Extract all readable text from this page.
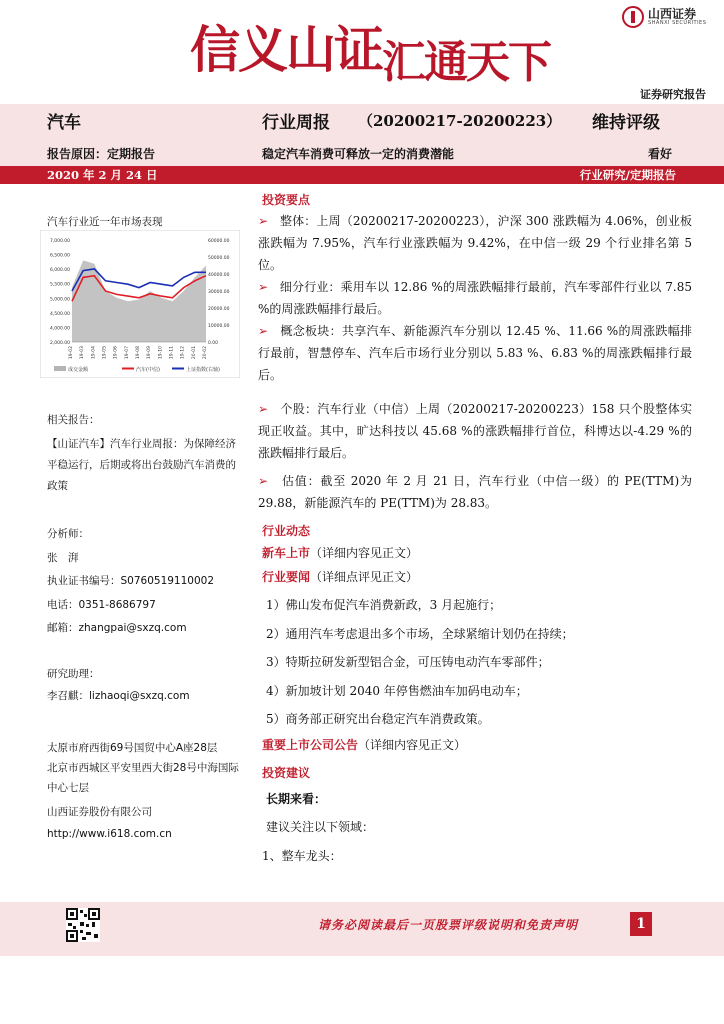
信义山证汇通天下
山西证券
SHANXI SECURITIES
证券研究报告
汽车	行业周报 （20200217-20200223） 维持评级
报告原因：定期报告	稳定汽车消费可释放一定的消费潜能	看好
2020 年 2 月 24 日	行业研究/定期报告
汽车行业近一年市场表现
2,000.00
4,000.00
4,500.00
5,000.00
5,500.00
6,000.00
6,500.00
7,000.00
0.00
10000.00
20000.00
30000.00
40000.00
50000.00
60000.00
19-02 19-03 19-04 19-05 19-06 19-07 19-08 19-09 19-10 19-11 19-12 20-01 20-02
成交金额	汽车(中信)	上证指数(右轴)
相关报告：
【山证汽车】汽车行业周报：为保障经济平稳运行，后期或将出台鼓励汽车消费的政策
分析师：
张　湃
执业证书编号：S0760519110002
电话：0351-8686797
邮箱：zhangpai@sxzq.com
研究助理：
李召麒：lizhaoqi@sxzq.com
太原市府西街69号国贸中心A座28层
北京市西城区平安里西大街28号中海国际中心七层
山西证券股份有限公司
http://www.i618.com.cn
投资要点
➢ 整体：上周（20200217-20200223），沪深 300 涨跌幅为 4.06%，创业板涨跌幅为 7.95%，汽车行业涨跌幅为 9.42%，在中信一级 29 个行业排名第 5 位。
➢ 细分行业：乘用车以 12.86 %的周涨跌幅排行最前，汽车零部件行业以 7.85 %的周涨跌幅排行最后。
➢ 概念板块：共享汽车、新能源汽车分别以 12.45 %、11.66 %的周涨跌幅排行最前，智慧停车、汽车后市场行业分别以 5.83 %、6.83 %的周涨跌幅排行最后。
➢ 个股：汽车行业（中信）上周（20200217-20200223）158 只个股整体实现正收益。其中，旷达科技以 45.68 %的涨跌幅排行首位，科博达以-4.29 %的涨跌幅排行最后。
➢ 估值：截至 2020 年 2 月 21 日，汽车行业（中信一级）的 PE(TTM)为 29.88，新能源汽车的 PE(TTM)为 28.83。
行业动态
新车上市（详细内容见正文）
行业要闻（详细点评见正文）
1）佛山发布促汽车消费新政，3 月起施行；
2）通用汽车考虑退出多个市场，全球紧缩计划仍在持续；
3）特斯拉研发新型铝合金，可压铸电动汽车零部件；
4）新加坡计划 2040 年停售燃油车加码电动车；
5）商务部正研究出台稳定汽车消费政策。
重要上市公司公告（详细内容见正文）
投资建议
长期来看：
建议关注以下领域：
1、整车龙头：
请务必阅读最后一页股票评级说明和免责声明	1
